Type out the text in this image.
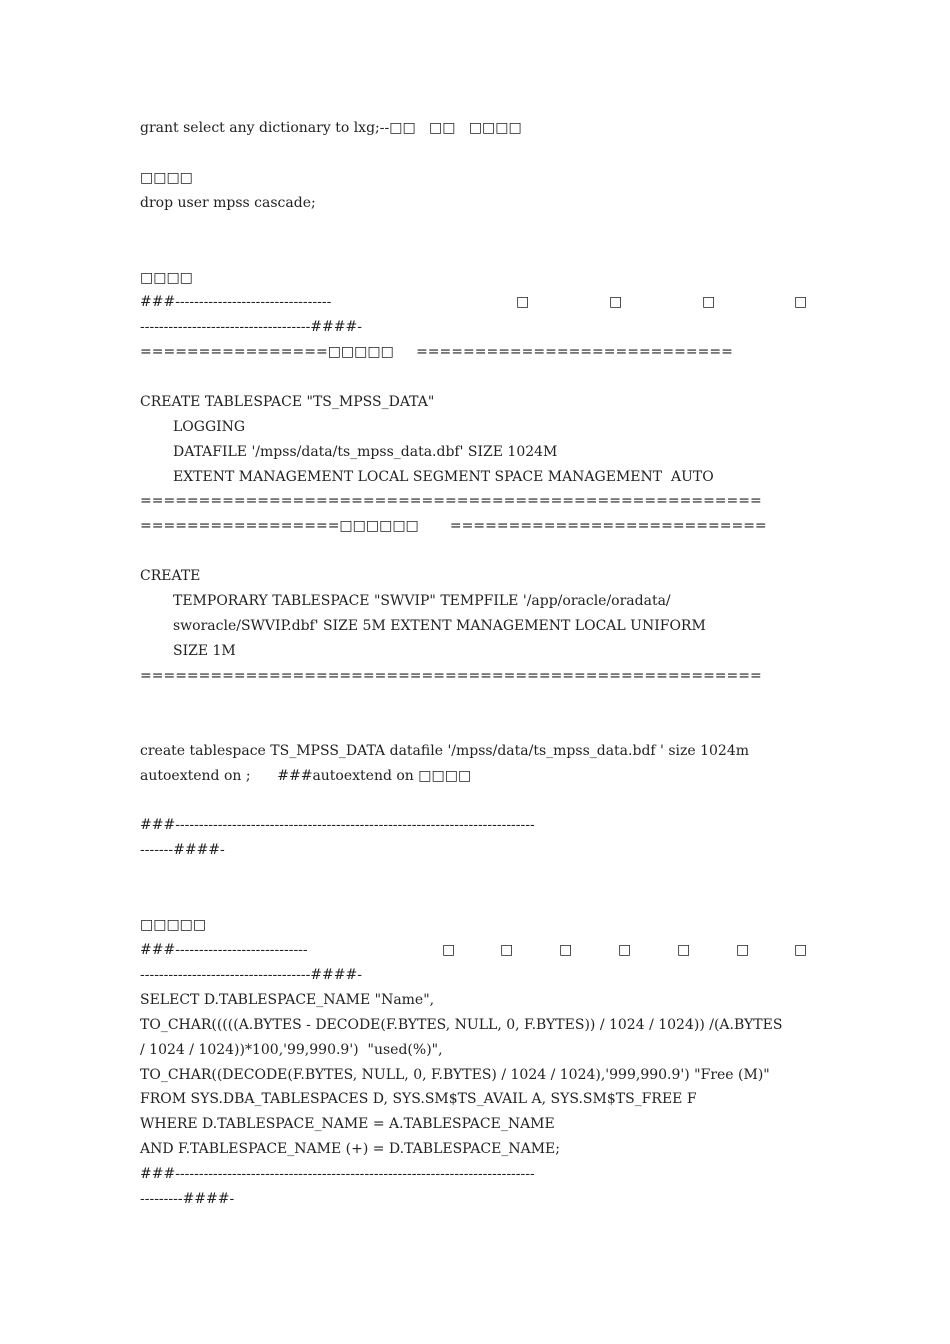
grant select any dictionary to lxg;--□□   □□   □□□□
□□□□
drop user mpss cascade;
□□□□
###---------------------------------	□	□	□	□
------------------------------------####-
================□□□□□     ===========================
CREATE TABLESPACE "TS_MPSS_DATA"
LOGGING
DATAFILE '/mpss/data/ts_mpss_data.dbf' SIZE 1024M
EXTENT MANAGEMENT LOCAL SEGMENT SPACE MANAGEMENT  AUTO
=====================================================
=================□□□□□□       ===========================
CREATE
TEMPORARY TABLESPACE "SWVIP" TEMPFILE '/app/oracle/oradata/
sworacle/SWVIP.dbf' SIZE 5M EXTENT MANAGEMENT LOCAL UNIFORM
SIZE 1M
=====================================================
create tablespace TS_MPSS_DATA datafile '/mpss/data/ts_mpss_data.bdf ' size 1024m
autoextend on ;      ###autoextend on □□□□
###----------------------------------------------------------------------------
-------####-
□□□□□
###----------------------------	□	□	□	□	□	□	□
------------------------------------####-
SELECT D.TABLESPACE_NAME "Name",
TO_CHAR(((((A.BYTES - DECODE(F.BYTES, NULL, 0, F.BYTES)) / 1024 / 1024)) /(A.BYTES
/ 1024 / 1024))*100,'99,990.9')  "used(%)",
TO_CHAR((DECODE(F.BYTES, NULL, 0, F.BYTES) / 1024 / 1024),'999,990.9') "Free (M)"
FROM SYS.DBA_TABLESPACES D, SYS.SM$TS_AVAIL A, SYS.SM$TS_FREE F
WHERE D.TABLESPACE_NAME = A.TABLESPACE_NAME
AND F.TABLESPACE_NAME (+) = D.TABLESPACE_NAME;
###----------------------------------------------------------------------------
---------####-
